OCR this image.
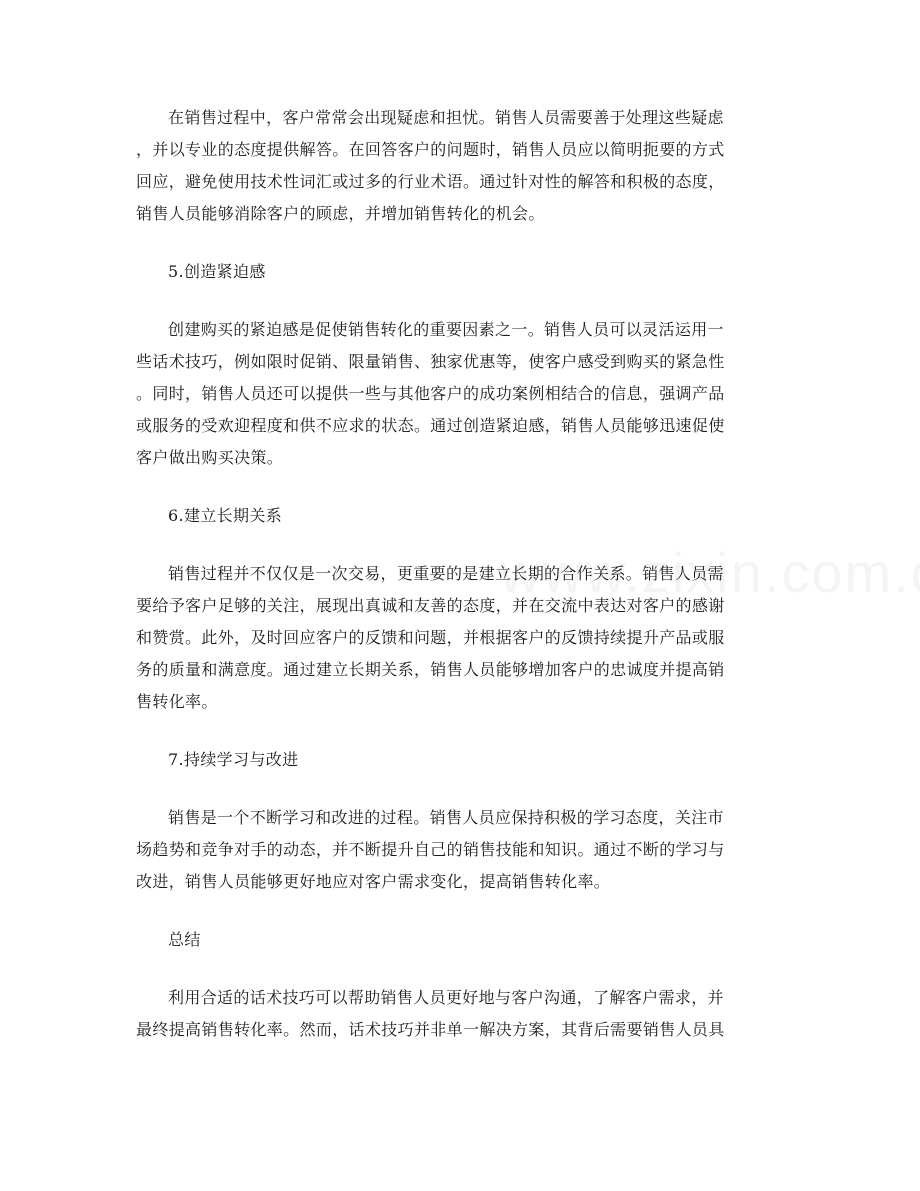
在销售过程中，客户常常会出现疑虑和担忧。销售人员需要善于处理这些疑虑
，并以专业的态度提供解答。在回答客户的问题时，销售人员应以简明扼要的方式
回应，避免使用技术性词汇或过多的行业术语。通过针对性的解答和积极的态度，
销售人员能够消除客户的顾虑，并增加销售转化的机会。
5.创造紧迫感
创建购买的紧迫感是促使销售转化的重要因素之一。销售人员可以灵活运用一
些话术技巧，例如限时促销、限量销售、独家优惠等，使客户感受到购买的紧急性
。同时，销售人员还可以提供一些与其他客户的成功案例相结合的信息，强调产品
或服务的受欢迎程度和供不应求的状态。通过创造紧迫感，销售人员能够迅速促使
客户做出购买决策。
6.建立长期关系
销售过程并不仅仅是一次交易，更重要的是建立长期的合作关系。销售人员需
要给予客户足够的关注，展现出真诚和友善的态度，并在交流中表达对客户的感谢
和赞赏。此外，及时回应客户的反馈和问题，并根据客户的反馈持续提升产品或服
务的质量和满意度。通过建立长期关系，销售人员能够增加客户的忠诚度并提高销
售转化率。
7.持续学习与改进
销售是一个不断学习和改进的过程。销售人员应保持积极的学习态度，关注市
场趋势和竞争对手的动态，并不断提升自己的销售技能和知识。通过不断的学习与
改进，销售人员能够更好地应对客户需求变化，提高销售转化率。
总结
利用合适的话术技巧可以帮助销售人员更好地与客户沟通，了解客户需求，并
最终提高销售转化率。然而，话术技巧并非单一解决方案，其背后需要销售人员具
